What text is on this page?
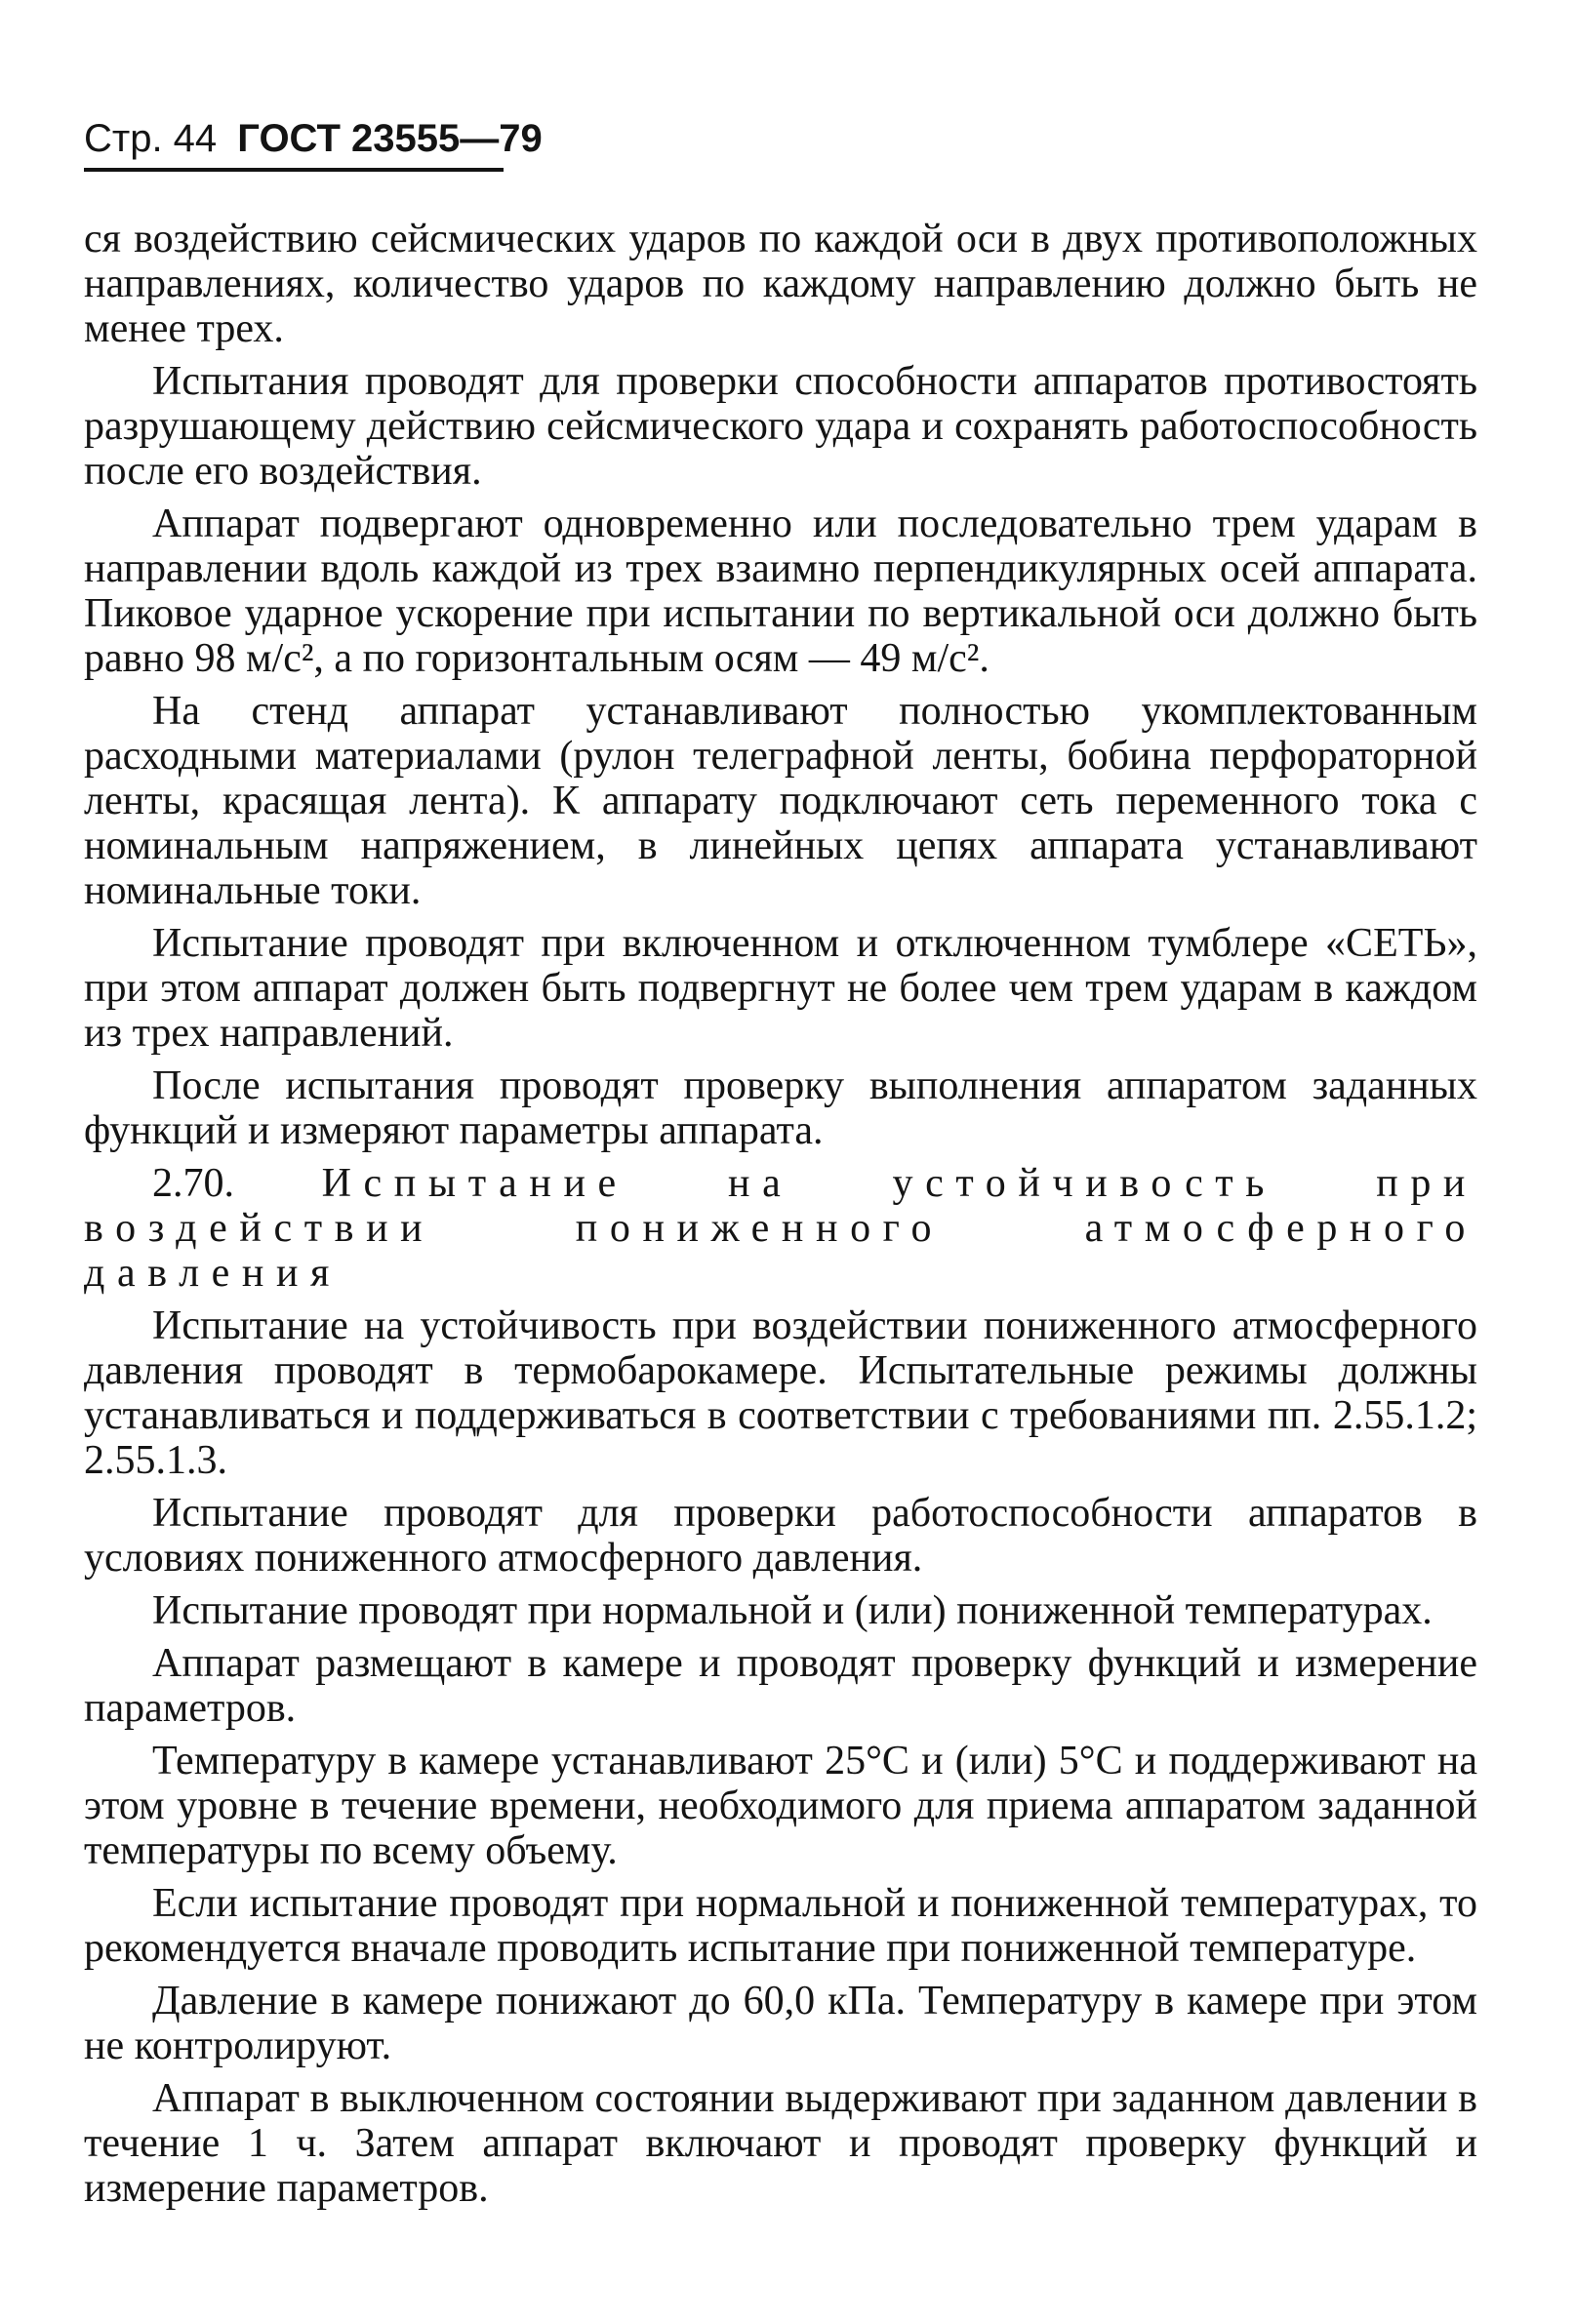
Стр. 44 ГОСТ 23555—79

ся воздействию сейсмических ударов по каждой оси в двух противоположных направлениях, количество ударов по каждому направлению должно быть не менее трех.

Испытания проводят для проверки способности аппаратов противостоять разрушающему действию сейсмического удара и сохранять работоспособность после его воздействия.

Аппарат подвергают одновременно или последовательно трем ударам в направлении вдоль каждой из трех взаимно перпендикулярных осей аппарата. Пиковое ударное ускорение при испытании по вертикальной оси должно быть равно 98 м/с², а по горизонтальным осям — 49 м/с².

На стенд аппарат устанавливают полностью укомплектованным расходными материалами (рулон телеграфной ленты, бобина перфораторной ленты, красящая лента). К аппарату подключают сеть переменного тока с номинальным напряжением, в линейных цепях аппарата устанавливают номинальные токи.

Испытание проводят при включенном и отключенном тумблере «СЕТЬ», при этом аппарат должен быть подвергнут не более чем трем ударам в каждом из трех направлений.

После испытания проводят проверку выполнения аппаратом заданных функций и измеряют параметры аппарата.

2.70. Испытание на устойчивость при воздействии пониженного атмосферного давления

Испытание на устойчивость при воздействии пониженного атмосферного давления проводят в термобарокамере. Испытательные режимы должны устанавливаться и поддерживаться в соответствии с требованиями пп. 2.55.1.2; 2.55.1.3.

Испытание проводят для проверки работоспособности аппаратов в условиях пониженного атмосферного давления.

Испытание проводят при нормальной и (или) пониженной температурах.

Аппарат размещают в камере и проводят проверку функций и измерение параметров.

Температуру в камере устанавливают 25°С и (или) 5°С и поддерживают на этом уровне в течение времени, необходимого для приема аппаратом заданной температуры по всему объему.

Если испытание проводят при нормальной и пониженной температурах, то рекомендуется вначале проводить испытание при пониженной температуре.

Давление в камере понижают до 60,0 кПа. Температуру в камере при этом не контролируют.

Аппарат в выключенном состоянии выдерживают при заданном давлении в течение 1 ч. Затем аппарат включают и проводят проверку функций и измерение параметров.
